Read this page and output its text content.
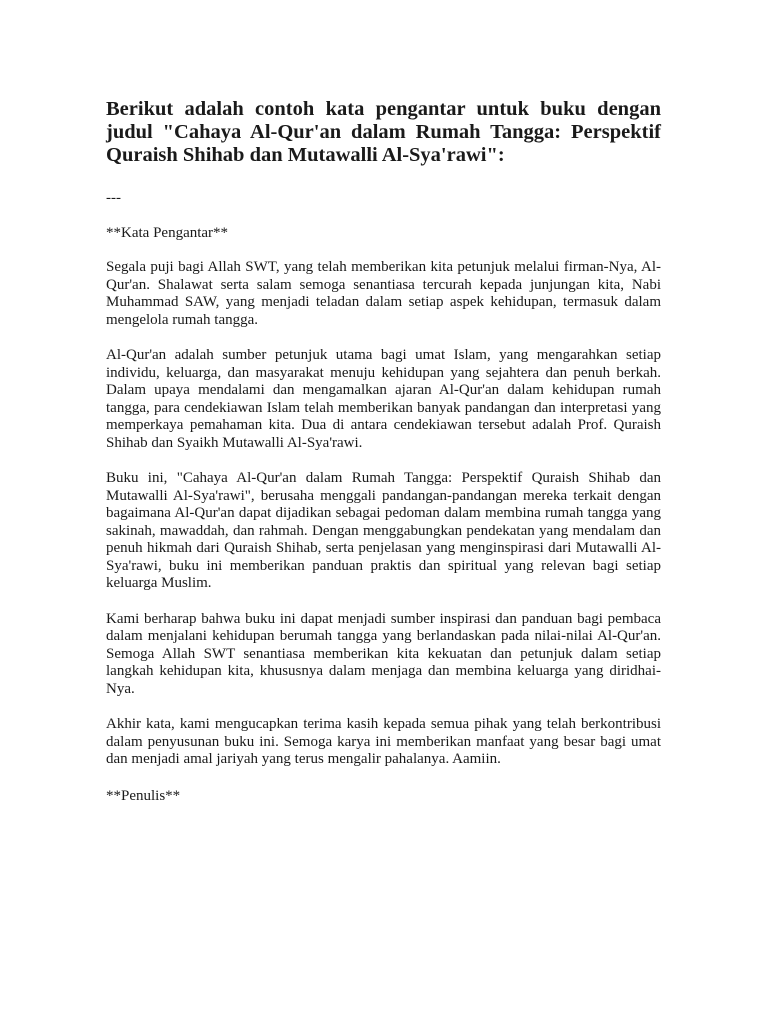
Berikut adalah contoh kata pengantar untuk buku dengan judul "Cahaya Al-Qur'an dalam Rumah Tangga: Perspektif Quraish Shihab dan Mutawalli Al-Sya'rawi":
---
**Kata Pengantar**
Segala puji bagi Allah SWT, yang telah memberikan kita petunjuk melalui firman-Nya, Al-Qur'an. Shalawat serta salam semoga senantiasa tercurah kepada junjungan kita, Nabi Muhammad SAW, yang menjadi teladan dalam setiap aspek kehidupan, termasuk dalam mengelola rumah tangga.
Al-Qur'an adalah sumber petunjuk utama bagi umat Islam, yang mengarahkan setiap individu, keluarga, dan masyarakat menuju kehidupan yang sejahtera dan penuh berkah. Dalam upaya mendalami dan mengamalkan ajaran Al-Qur'an dalam kehidupan rumah tangga, para cendekiawan Islam telah memberikan banyak pandangan dan interpretasi yang memperkaya pemahaman kita. Dua di antara cendekiawan tersebut adalah Prof. Quraish Shihab dan Syaikh Mutawalli Al-Sya'rawi.
Buku ini, "Cahaya Al-Qur'an dalam Rumah Tangga: Perspektif Quraish Shihab dan Mutawalli Al-Sya'rawi", berusaha menggali pandangan-pandangan mereka terkait dengan bagaimana Al-Qur'an dapat dijadikan sebagai pedoman dalam membina rumah tangga yang sakinah, mawaddah, dan rahmah. Dengan menggabungkan pendekatan yang mendalam dan penuh hikmah dari Quraish Shihab, serta penjelasan yang menginspirasi dari Mutawalli Al-Sya'rawi, buku ini memberikan panduan praktis dan spiritual yang relevan bagi setiap keluarga Muslim.
Kami berharap bahwa buku ini dapat menjadi sumber inspirasi dan panduan bagi pembaca dalam menjalani kehidupan berumah tangga yang berlandaskan pada nilai-nilai Al-Qur'an. Semoga Allah SWT senantiasa memberikan kita kekuatan dan petunjuk dalam setiap langkah kehidupan kita, khususnya dalam menjaga dan membina keluarga yang diridhai-Nya.
Akhir kata, kami mengucapkan terima kasih kepada semua pihak yang telah berkontribusi dalam penyusunan buku ini. Semoga karya ini memberikan manfaat yang besar bagi umat dan menjadi amal jariyah yang terus mengalir pahalanya. Aamiin.
**Penulis**
